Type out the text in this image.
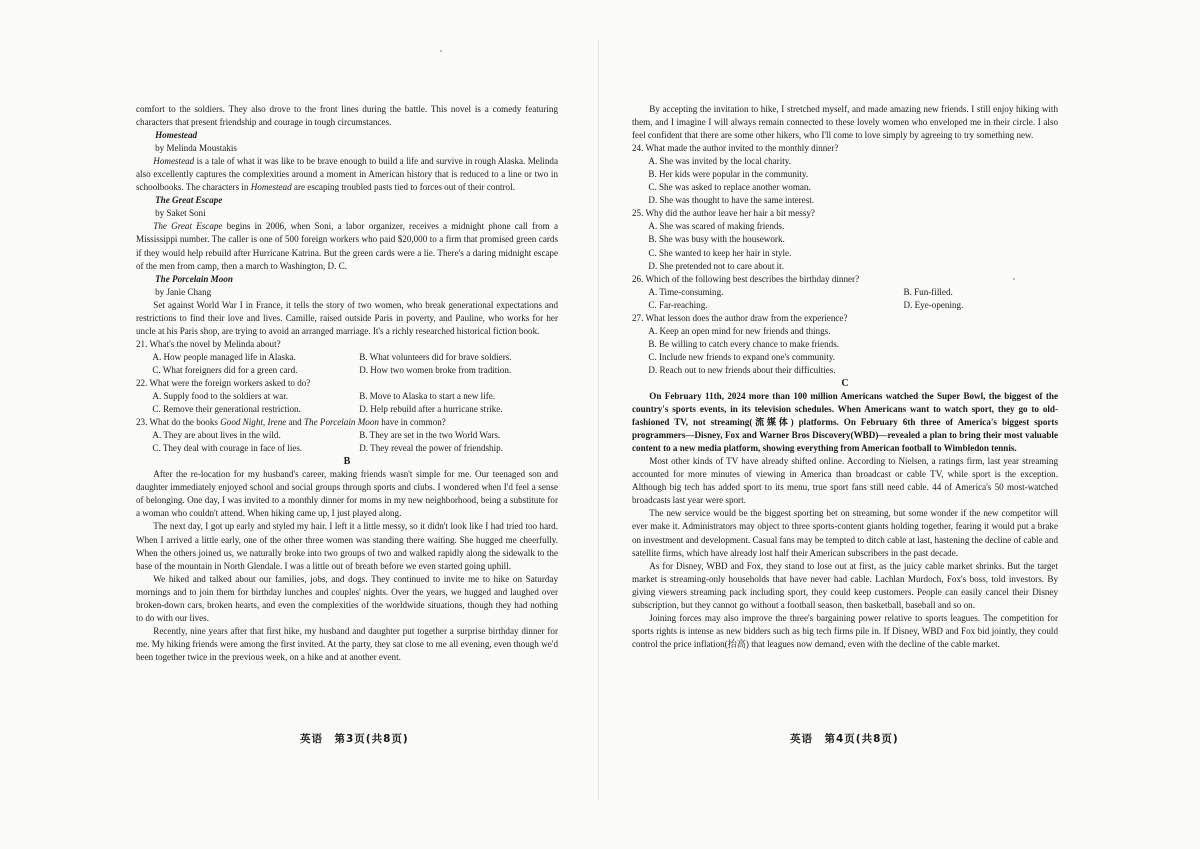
comfort to the soldiers. They also drove to the front lines during the battle. This novel is a comedy featuring characters that present friendship and courage in tough circumstances.

Homestead

by Melinda Moustakis

Homestead is a tale of what it was like to be brave enough to build a life and survive in rough Alaska. Melinda also excellently captures the complexities around a moment in American history that is reduced to a line or two in schoolbooks. The characters in Homestead are escaping troubled pasts tied to forces out of their control.

The Great Escape

by Saket Soni

The Great Escape begins in 2006, when Soni, a labor organizer, receives a midnight phone call from a Mississippi number. The caller is one of 500 foreign workers who paid $20,000 to a firm that promised green cards if they would help rebuild after Hurricane Katrina. But the green cards were a lie. There's a daring midnight escape of the men from camp, then a march to Washington, D. C.

The Porcelain Moon

by Janie Chang

Set against World War I in France, it tells the story of two women, who break generational expectations and restrictions to find their love and lives. Camille, raised outside Paris in poverty, and Pauline, who works for her uncle at his Paris shop, are trying to avoid an arranged marriage. It's a richly researched historical fiction book.

21. What's the novel by Melinda about?

A. How people managed life in Alaska.	B. What volunteers did for brave soldiers.
C. What foreigners did for a green card.	D. How two women broke from tradition.

22. What were the foreign workers asked to do?

A. Supply food to the soldiers at war.	B. Move to Alaska to start a new life.
C. Remove their generational restriction.	D. Help rebuild after a hurricane strike.

23. What do the books Good Night, Irene and The Porcelain Moon have in common?

A. They are about lives in the wild.	B. They are set in the two World Wars.
C. They deal with courage in face of lies.	D. They reveal the power of friendship.

B

After the re-location for my husband's career, making friends wasn't simple for me. Our teenaged son and daughter immediately enjoyed school and social groups through sports and clubs. I wondered when I'd feel a sense of belonging. One day, I was invited to a monthly dinner for moms in my new neighborhood, being a substitute for a woman who couldn't attend. When hiking came up, I just played along.

The next day, I got up early and styled my hair. I left it a little messy, so it didn't look like I had tried too hard. When I arrived a little early, one of the other three women was standing there waiting. She hugged me cheerfully. When the others joined us, we naturally broke into two groups of two and walked rapidly along the sidewalk to the base of the mountain in North Glendale. I was a little out of breath before we even started going uphill.

We hiked and talked about our families, jobs, and dogs. They continued to invite me to hike on Saturday mornings and to join them for birthday lunches and couples' nights. Over the years, we hugged and laughed over broken-down cars, broken hearts, and even the complexities of the worldwide situations, though they had nothing to do with our lives.

Recently, nine years after that first hike, my husband and daughter put together a surprise birthday dinner for me. My hiking friends were among the first invited. At the party, they sat close to me all evening, even though we'd been together twice in the previous week, on a hike and at another event.

By accepting the invitation to hike, I stretched myself, and made amazing new friends. I still enjoy hiking with them, and I imagine I will always remain connected to these lovely women who enveloped me in their circle. I also feel confident that there are some other hikers, who I'll come to love simply by agreeing to try something new.

24. What made the author invited to the monthly dinner?

A. She was invited by the local charity.
B. Her kids were popular in the community.
C. She was asked to replace another woman.
D. She was thought to have the same interest.

25. Why did the author leave her hair a bit messy?

A. She was scared of making friends.
B. She was busy with the housework.
C. She wanted to keep her hair in style.
D. She pretended not to care about it.

26. Which of the following best describes the birthday dinner?

A. Time-consuming.	B. Fun-filled.
C. Far-reaching.	D. Eye-opening.

27. What lesson does the author draw from the experience?

A. Keep an open mind for new friends and things.
B. Be willing to catch every chance to make friends.
C. Include new friends to expand one's community.
D. Reach out to new friends about their difficulties.

C

On February 11th, 2024 more than 100 million Americans watched the Super Bowl, the biggest of the country's sports events, in its television schedules. When Americans want to watch sport, they go to old-fashioned TV, not streaming(流媒体) platforms. On February 6th three of America's biggest sports programmers—Disney, Fox and Warner Bros Discovery(WBD)—revealed a plan to bring their most valuable content to a new media platform, showing everything from American football to Wimbledon tennis.

Most other kinds of TV have already shifted online. According to Nielsen, a ratings firm, last year streaming accounted for more minutes of viewing in America than broadcast or cable TV, while sport is the exception. Although big tech has added sport to its menu, true sport fans still need cable. 44 of America's 50 most-watched broadcasts last year were sport.

The new service would be the biggest sporting bet on streaming, but some wonder if the new competitor will ever make it. Administrators may object to three sports-content giants holding together, fearing it would put a brake on investment and development. Casual fans may be tempted to ditch cable at last, hastening the decline of cable and satellite firms, which have already lost half their American subscribers in the past decade.

As for Disney, WBD and Fox, they stand to lose out at first, as the juicy cable market shrinks. But the target market is streaming-only households that have never had cable. Lachlan Murdoch, Fox's boss, told investors. By giving viewers streaming pack including sport, they could keep customers. People can easily cancel their Disney subscription, but they cannot go without a football season, then basketball, baseball and so on.

Joining forces may also improve the three's bargaining power relative to sports leagues. The competition for sports rights is intense as new bidders such as big tech firms pile in. If Disney, WBD and Fox bid jointly, they could control the price inflation(抬高) that leagues now demand, even with the decline of the cable market.

英语　第3页(共8页)	英语　第4页(共8页)
